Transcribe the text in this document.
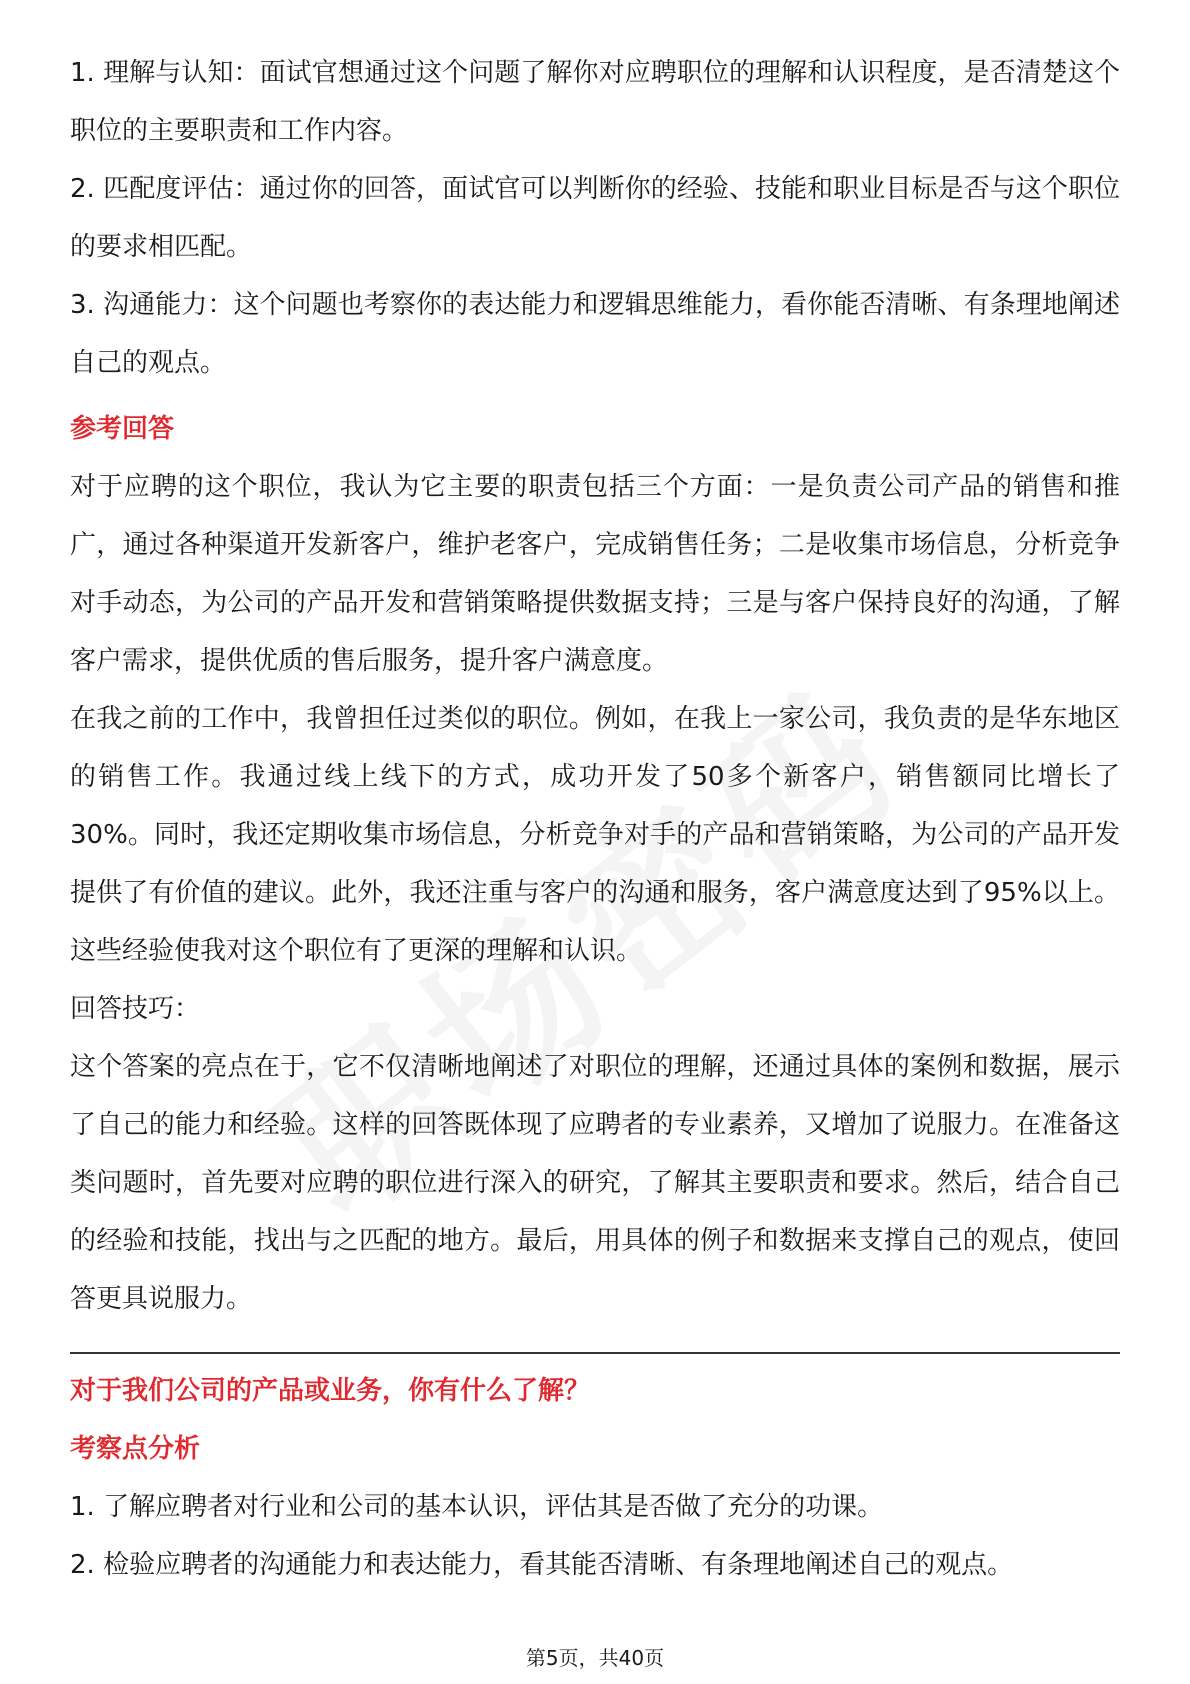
1. 理解与认知：面试官想通过这个问题了解你对应聘职位的理解和认识程度，是否清楚这个职位的主要职责和工作内容。

2. 匹配度评估：通过你的回答，面试官可以判断你的经验、技能和职业目标是否与这个职位的要求相匹配。

3. 沟通能力：这个问题也考察你的表达能力和逻辑思维能力，看你能否清晰、有条理地阐述自己的观点。

参考回答

对于应聘的这个职位，我认为它主要的职责包括三个方面：一是负责公司产品的销售和推广，通过各种渠道开发新客户，维护老客户，完成销售任务；二是收集市场信息，分析竞争对手动态，为公司的产品开发和营销策略提供数据支持；三是与客户保持良好的沟通，了解客户需求，提供优质的售后服务，提升客户满意度。

在我之前的工作中，我曾担任过类似的职位。例如，在我上一家公司，我负责的是华东地区的销售工作。我通过线上线下的方式，成功开发了50多个新客户，销售额同比增长了30%。同时，我还定期收集市场信息，分析竞争对手的产品和营销策略，为公司的产品开发提供了有价值的建议。此外，我还注重与客户的沟通和服务，客户满意度达到了95%以上。这些经验使我对这个职位有了更深的理解和认识。

回答技巧：

这个答案的亮点在于，它不仅清晰地阐述了对职位的理解，还通过具体的案例和数据，展示了自己的能力和经验。这样的回答既体现了应聘者的专业素养，又增加了说服力。在准备这类问题时，首先要对应聘的职位进行深入的研究，了解其主要职责和要求。然后，结合自己的经验和技能，找出与之匹配的地方。最后，用具体的例子和数据来支撑自己的观点，使回答更具说服力。

对于我们公司的产品或业务，你有什么了解？

考察点分析

1. 了解应聘者对行业和公司的基本认识，评估其是否做了充分的功课。

2. 检验应聘者的沟通能力和表达能力，看其能否清晰、有条理地阐述自己的观点。

第5页，共40页
